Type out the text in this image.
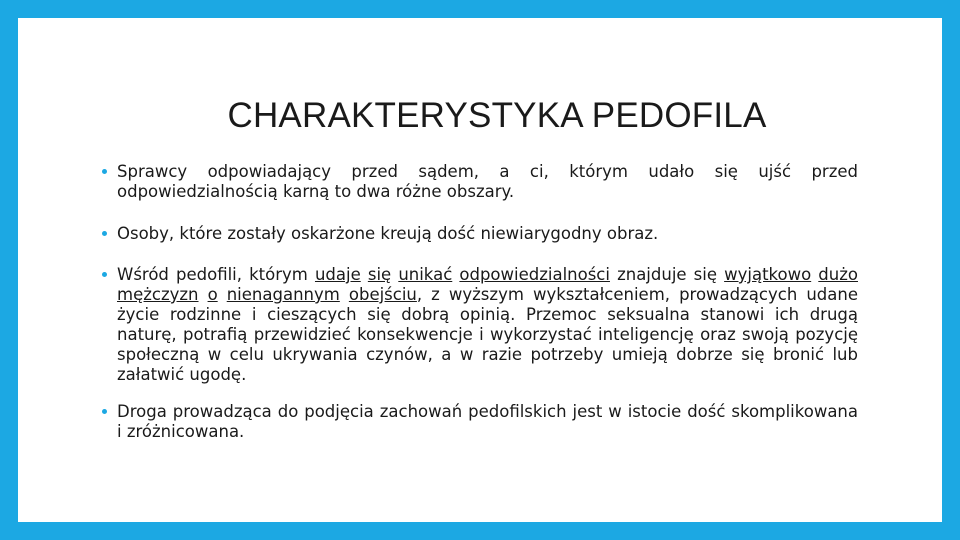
CHARAKTERYSTYKA PEDOFILA
Sprawcy odpowiadający przed sądem, a ci, którym udało się ujść przed odpowiedzialnością karną to dwa różne obszary.
Osoby, które zostały oskarżone kreują dość niewiarygodny obraz.
Wśród pedofili, którym udaje się unikać odpowiedzialności znajduje się wyjątkowo dużo mężczyzn o nienagannym obejściu, z wyższym wykształceniem, prowadzących udane życie rodzinne i cieszących się dobrą opinią. Przemoc seksualna stanowi ich drugą naturę, potrafią przewidzieć konsekwencje i wykorzystać inteligencję oraz swoją pozycję społeczną w celu ukrywania czynów, a w razie potrzeby umieją dobrze się bronić lub załatwić ugodę.
Droga prowadząca do podjęcia zachowań pedofilskich jest w istocie dość skomplikowana i zróżnicowana.
